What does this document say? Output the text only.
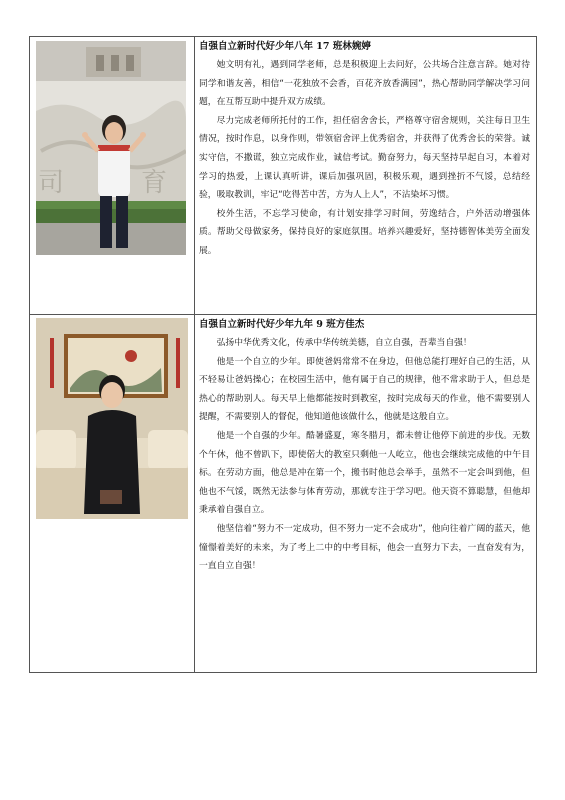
司	育

自强自立新时代好少年八年 17 班林婉婷

她文明有礼，遇到同学老师，总是积极迎上去问好，公共场合注意言辞。她对待同学和谐友善，相信“一花独放不会香，百花齐放香满园”，热心帮助同学解决学习问题，在互帮互助中提升双方成绩。

尽力完成老师所托付的工作，担任宿舍舍长，严格尊守宿舍规则，关注每日卫生情况，按时作息，以身作则，带领宿舍评上优秀宿舍，并获得了优秀舍长的荣誉。诚实守信，不撒谎，独立完成作业，诚信考试。勤奋努力，每天坚持早起自习，本着对学习的热爱，上课认真听讲，课后加强巩固，积极乐观，遇到挫折不气馁，总结经验，吸取教训，牢记“吃得苦中苦，方为人上人”，不沾染坏习惯。

校外生活，不忘学习使命，有计划安排学习时间，劳逸结合，户外活动增强体质。帮助父母做家务，保持良好的家庭氛围。培养兴趣爱好，坚持德智体美劳全面发展。

自强自立新时代好少年九年 9 班方佳杰

弘扬中华优秀文化，传承中华传统美德，自立自强，吾辈当自强！

他是一个自立的少年。即使爸妈常常不在身边，但他总能打理好自己的生活，从不轻易让爸妈操心；在校园生活中，他有属于自己的规律，他不常求助于人，但总是热心的帮助别人。每天早上他都能按时到教室，按时完成每天的作业，他不需要别人提醒，不需要别人的督促，他知道他该做什么，他就是这般自立。

他是一个自强的少年。酷暑盛夏，寒冬腊月，都未曾让他停下前进的步伐。无数个午休，他不曾趴下，即使偌大的教室只剩他一人屹立，他也会继续完成他的中午目标。在劳动方面，他总是冲在第一个，搬书时他总会举手，虽然不一定会叫到他，但他也不气馁，既然无法参与体育劳动，那就专注于学习吧。他天资不算聪慧，但他却秉承着自强自立。

他坚信着“努力不一定成功，但不努力一定不会成功”，他向往着广阔的蓝天，他憧憬着美好的未来，为了考上二中的中考目标，他会一直努力下去，一直奋发有为，一直自立自强！
